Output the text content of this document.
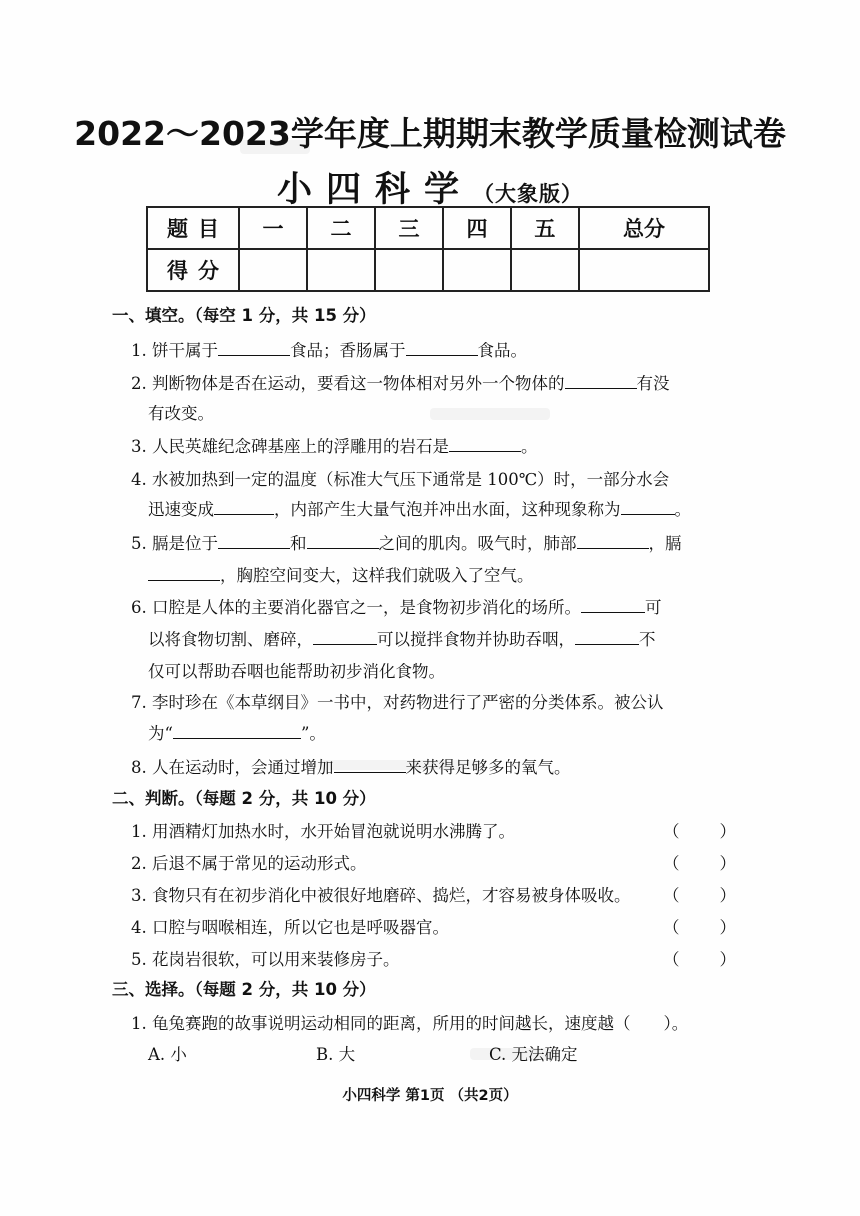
2022～2023学年度上期期末教学质量检测试卷
小四科学（大象版）
题目	一	二	三	四	五	总分
得分						
一、填空。（每空 1 分，共 15 分）
1. 饼干属于	食品；香肠属于	食品。
2. 判断物体是否在运动，要看这一物体相对另外一个物体的	有没
有改变。
3. 人民英雄纪念碑基座上的浮雕用的岩石是	。
4. 水被加热到一定的温度（标准大气压下通常是 100℃）时，一部分水会
迅速变成	，内部产生大量气泡并冲出水面，这种现象称为	。
5. 膈是位于	和	之间的肌肉。吸气时，肺部	，膈
，胸腔空间变大，这样我们就吸入了空气。
6. 口腔是人体的主要消化器官之一，是食物初步消化的场所。	可
以将食物切割、磨碎，	可以搅拌食物并协助吞咽，	不
仅可以帮助吞咽也能帮助初步消化食物。
7. 李时珍在《本草纲目》一书中，对药物进行了严密的分类体系。被公认
为“	”。
8. 人在运动时，会通过增加	来获得足够多的氧气。
二、判断。（每题 2 分，共 10 分）
1. 用酒精灯加热水时，水开始冒泡就说明水沸腾了。	（ ）
2. 后退不属于常见的运动形式。	（ ）
3. 食物只有在初步消化中被很好地磨碎、捣烂，才容易被身体吸收。	（ ）
4. 口腔与咽喉相连，所以它也是呼吸器官。	（ ）
5. 花岗岩很软，可以用来装修房子。	（ ）
三、选择。（每题 2 分，共 10 分）
1. 龟兔赛跑的故事说明运动相同的距离，所用的时间越长，速度越（　　）。
A. 小	B. 大	C. 无法确定
小四科学 第1页 （共2页）
